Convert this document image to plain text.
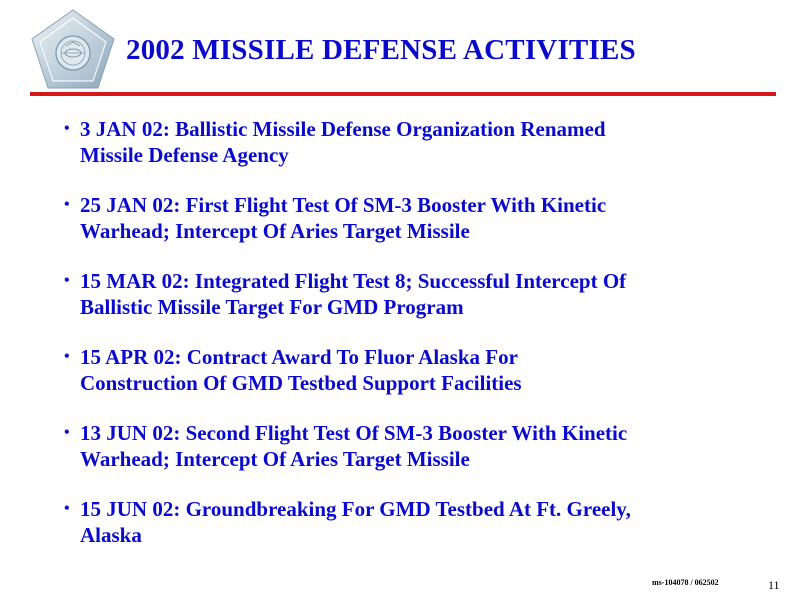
2002 MISSILE DEFENSE ACTIVITIES
• 3 JAN 02: Ballistic Missile Defense Organization Renamed
Missile Defense Agency
• 25 JAN 02: First Flight Test Of SM-3 Booster With Kinetic
Warhead; Intercept Of Aries Target Missile
• 15 MAR 02: Integrated Flight Test 8; Successful Intercept Of
Ballistic Missile Target For GMD Program
• 15 APR 02: Contract Award To Fluor Alaska For
Construction Of GMD Testbed Support Facilities
• 13 JUN 02: Second Flight Test Of SM-3 Booster With Kinetic
Warhead; Intercept Of Aries Target Missile
• 15 JUN 02: Groundbreaking For GMD Testbed At Ft. Greely,
Alaska
ms-104078 / 062502	11
